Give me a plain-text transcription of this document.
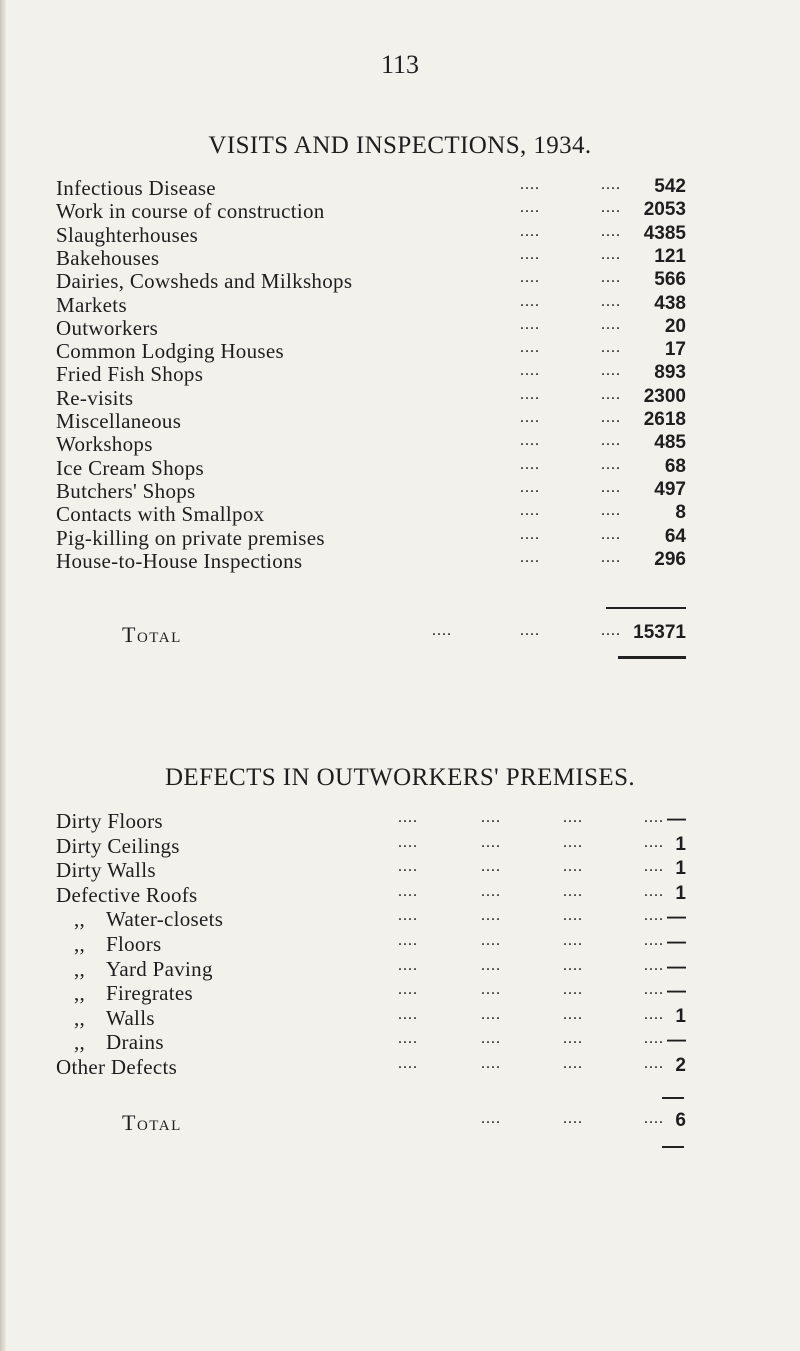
113
VISITS AND INSPECTIONS, 1934.
Infectious Disease	....	.... 542
Work in course of construction	....	.... 2053
Slaughterhouses	....	.... 4385
Bakehouses	....	.... 121
Dairies, Cowsheds and Milkshops	....	.... 566
Markets	....	.... 438
Outworkers	....	.... 20
Common Lodging Houses	....	.... 17
Fried Fish Shops	....	.... 893
Re-visits	....	.... 2300
Miscellaneous	....	.... 2618
Workshops	....	.... 485
Ice Cream Shops	....	.... 68
Butchers' Shops	....	.... 497
Contacts with Smallpox	....	....	8
Pig-killing on private premises	....	.... 64
House-to-House Inspections	....	.... 296
Total	....	....	.... 15371
DEFECTS IN OUTWORKERS' PREMISES.
Dirty Floors	....	....	....	.... —
Dirty Ceilings	....	....	....	.... 1
Dirty Walls	....	....	....	.... 1
Defective Roofs	....	....	....	.... 1
,, Water-closets	....	....	....	.... —
,, Floors	....	....	....	.... —
,, Yard Paving	....	....	....	.... —
,, Firegrates	....	....	....	.... —
,, Walls	....	....	....	.... 1
,, Drains	....	....	....	.... —
Other Defects	....	....	....	.... 2
Total	....	....	.... 6
